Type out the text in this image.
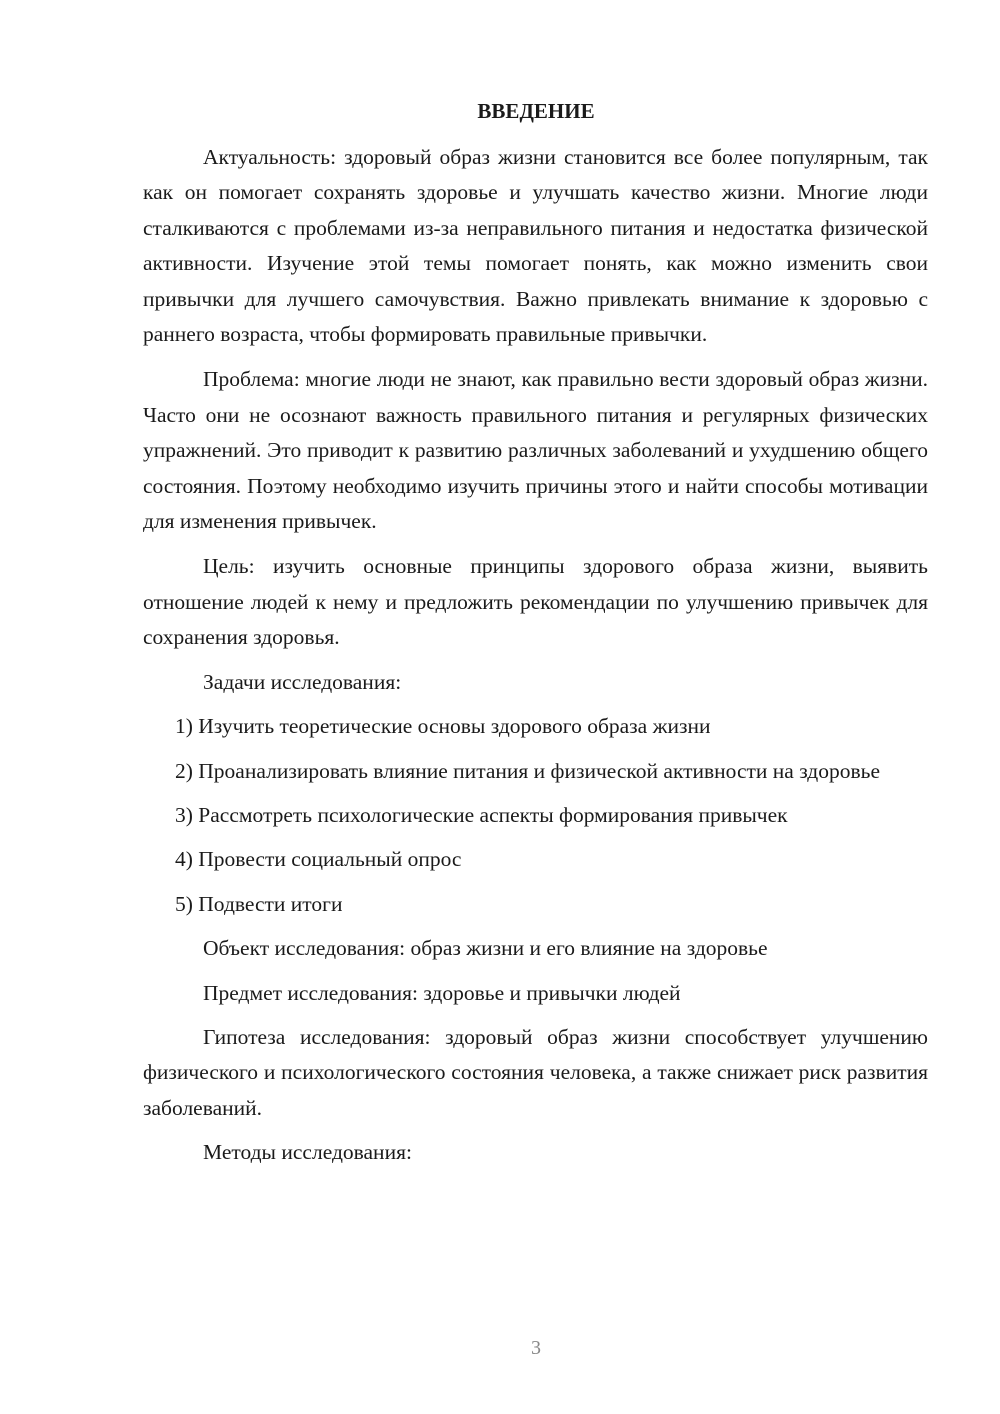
ВВЕДЕНИЕ

Актуальность: здоровый образ жизни становится все более популярным, так как он помогает сохранять здоровье и улучшать качество жизни. Многие люди сталкиваются с проблемами из-за неправильного питания и недостатка физической активности. Изучение этой темы помогает понять, как можно изменить свои привычки для лучшего самочувствия. Важно привлекать внимание к здоровью с раннего возраста, чтобы формировать правильные привычки.

Проблема: многие люди не знают, как правильно вести здоровый образ жизни. Часто они не осознают важность правильного питания и регулярных физических упражнений. Это приводит к развитию различных заболеваний и ухудшению общего состояния. Поэтому необходимо изучить причины этого и найти способы мотивации для изменения привычек.

Цель: изучить основные принципы здорового образа жизни, выявить отношение людей к нему и предложить рекомендации по улучшению привычек для сохранения здоровья.

Задачи исследования:

1) Изучить теоретические основы здорового образа жизни

2) Проанализировать влияние питания и физической активности на здоровье

3) Рассмотреть психологические аспекты формирования привычек

4) Провести социальный опрос

5) Подвести итоги

Объект исследования: образ жизни и его влияние на здоровье

Предмет исследования: здоровье и привычки людей

Гипотеза исследования: здоровый образ жизни способствует улучшению физического и психологического состояния человека, а также снижает риск развития заболеваний.

Методы исследования:

3
